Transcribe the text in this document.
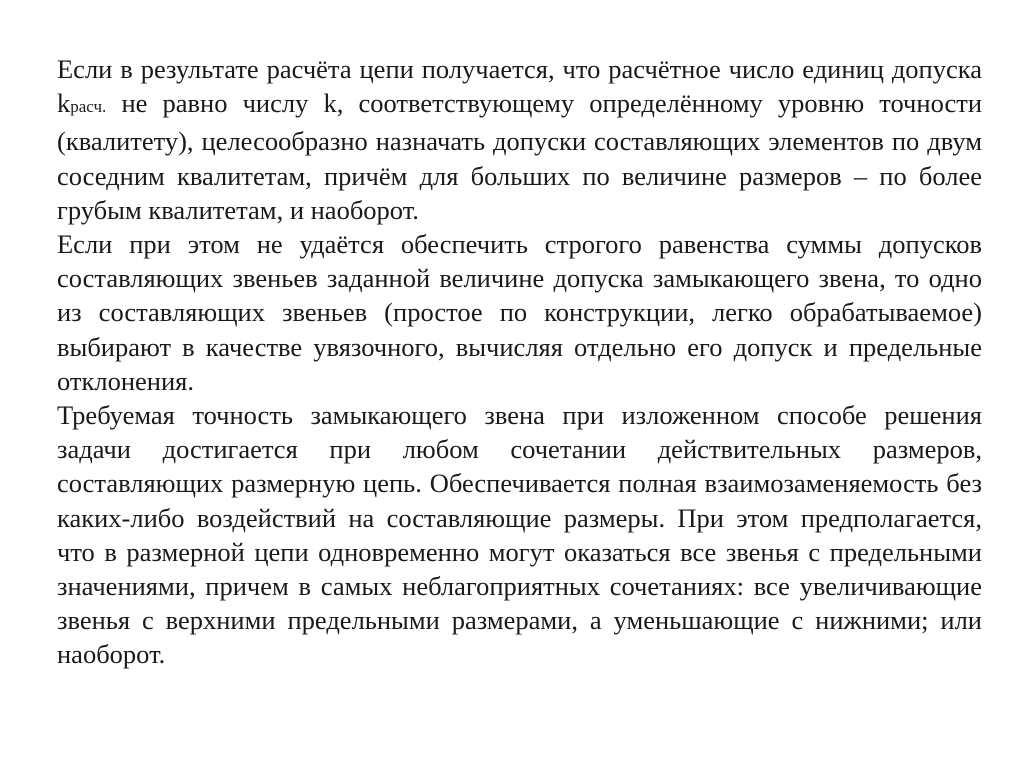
Если в результате расчёта цепи получается, что расчётное число единиц допуска kрасч. не равно числу k, соответствующему определённому уровню точности (квалитету), целесообразно назначать допуски составляющих элементов по двум соседним квалитетам, причём для больших по величине размеров – по более грубым квалитетам, и наоборот.

Если при этом не удаётся обеспечить строгого равенства суммы допусков составляющих звеньев заданной величине допуска замыкающего звена, то одно из составляющих звеньев (простое по конструкции, легко обрабатываемое) выбирают в качестве увязочного, вычисляя отдельно его допуск и предельные отклонения.

Требуемая точность замыкающего звена при изложенном способе решения задачи достигается при любом сочетании действительных размеров, составляющих размерную цепь. Обеспечивается полная взаимозаменяемость без каких-либо воздействий на составляющие размеры. При этом предполагается, что в размерной цепи одновременно могут оказаться все звенья с предельными значениями, причем в самых неблагоприятных сочетаниях: все увеличивающие звенья с верхними предельными размерами, а уменьшающие с нижними; или наоборот.
